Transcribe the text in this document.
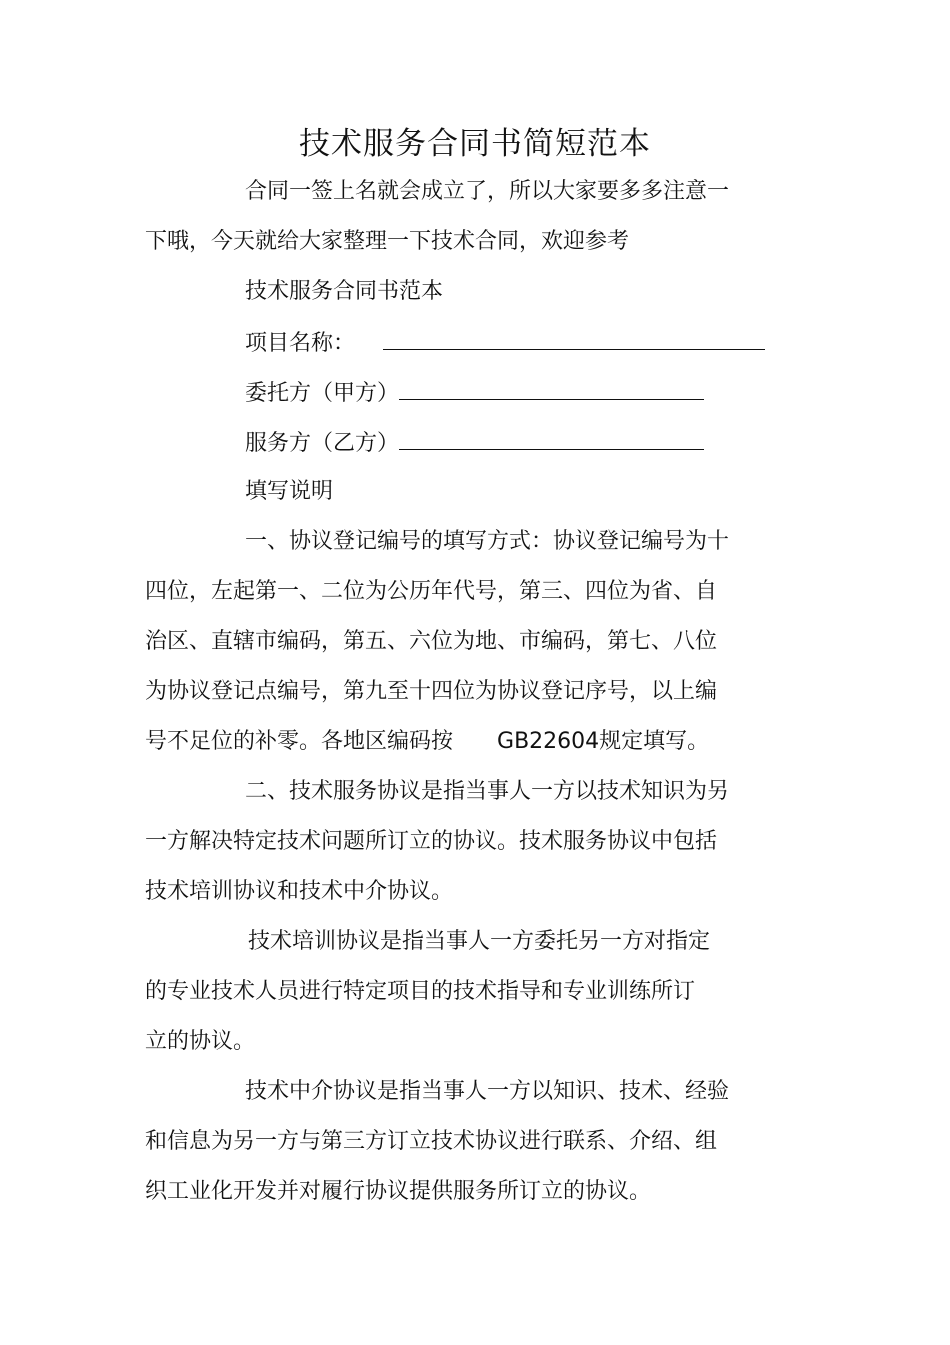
技术服务合同书简短范本
合同一签上名就会成立了，所以大家要多多注意一
下哦，今天就给大家整理一下技术合同，欢迎参考
技术服务合同书范本
项目名称：
委托方（甲方）
服务方（乙方）
填写说明
一、协议登记编号的填写方式：协议登记编号为十
四位，左起第一、二位为公历年代号，第三、四位为省、自
治区、直辖市编码，第五、六位为地、市编码，第七、八位
为协议登记点编号，第九至十四位为协议登记序号，以上编
号不足位的补零。各地区编码按 GB22604规定填写。
二、技术服务协议是指当事人一方以技术知识为另
一方解决特定技术问题所订立的协议。技术服务协议中包括
技术培训协议和技术中介协议。
技术培训协议是指当事人一方委托另一方对指定
的专业技术人员进行特定项目的技术指导和专业训练所订
立的协议。
技术中介协议是指当事人一方以知识、技术、经验
和信息为另一方与第三方订立技术协议进行联系、介绍、组
织工业化开发并对履行协议提供服务所订立的协议。
